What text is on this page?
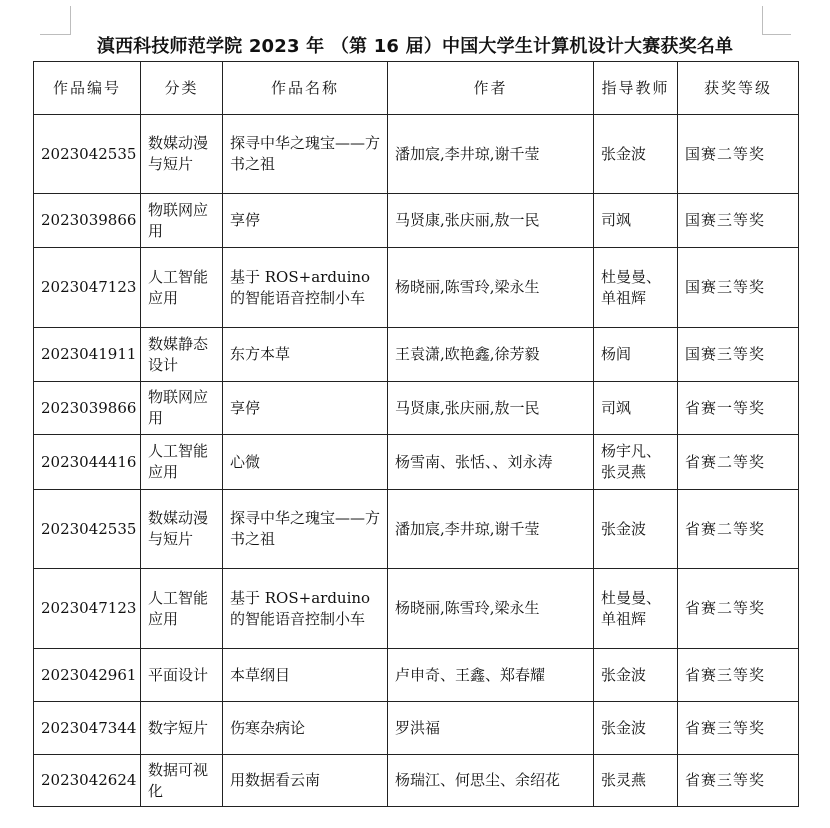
滇西科技师范学院 2023 年 （第 16 届）中国大学生计算机设计大赛获奖名单
作品编号	分类	作品名称	作者	指导教师	获奖等级
2023042535	数媒动漫与短片	探寻中华之瑰宝——方书之祖	潘加宸,李井琼,谢千莹	张金波	国赛二等奖
2023039866	物联网应用	享停	马贤康,张庆丽,敖一民	司飒	国赛三等奖
2023047123	人工智能应用	基于 ROS+arduino 的智能语音控制小车	杨晓丽,陈雪玲,梁永生	杜曼曼、单祖辉	国赛三等奖
2023041911	数媒静态设计	东方本草	王袁潇,欧艳鑫,徐芳毅	杨闾	国赛三等奖
2023039866	物联网应用	享停	马贤康,张庆丽,敖一民	司飒	省赛一等奖
2023044416	人工智能应用	心微	杨雪南、张恬、、刘永涛	杨宇凡、张灵燕	省赛二等奖
2023042535	数媒动漫与短片	探寻中华之瑰宝——方书之祖	潘加宸,李井琼,谢千莹	张金波	省赛二等奖
2023047123	人工智能应用	基于 ROS+arduino 的智能语音控制小车	杨晓丽,陈雪玲,梁永生	杜曼曼、单祖辉	省赛二等奖
2023042961	平面设计	本草纲目	卢申奇、王鑫、郑春耀	张金波	省赛三等奖
2023047344	数字短片	伤寒杂病论	罗洪福	张金波	省赛三等奖
2023042624	数据可视化	用数据看云南	杨瑞江、何思尘、余绍花	张灵燕	省赛三等奖
